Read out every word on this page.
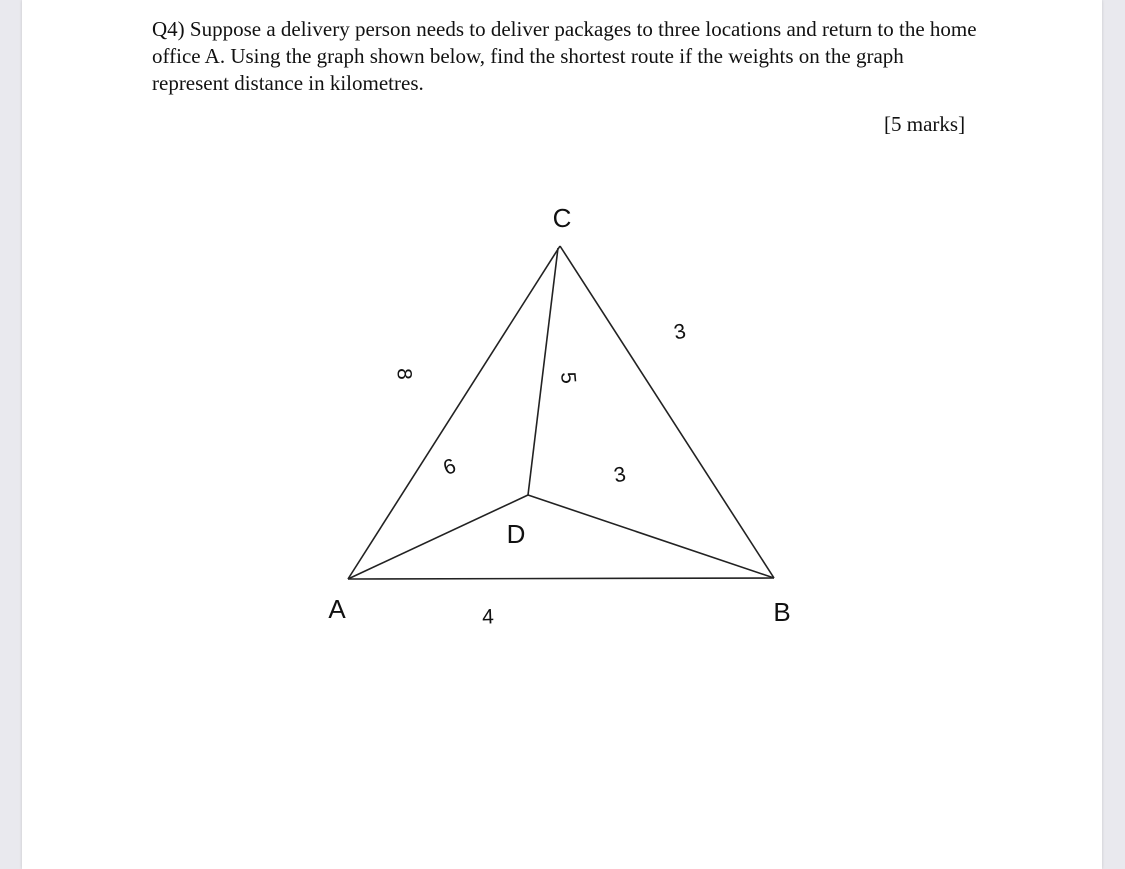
Q4) Suppose a delivery person needs to deliver packages to three locations and return to the home office A. Using the graph shown below, find the shortest route if the weights on the graph represent distance in kilometres.
[5 marks]
C
D
A	B
8
6
5
3
3
4
